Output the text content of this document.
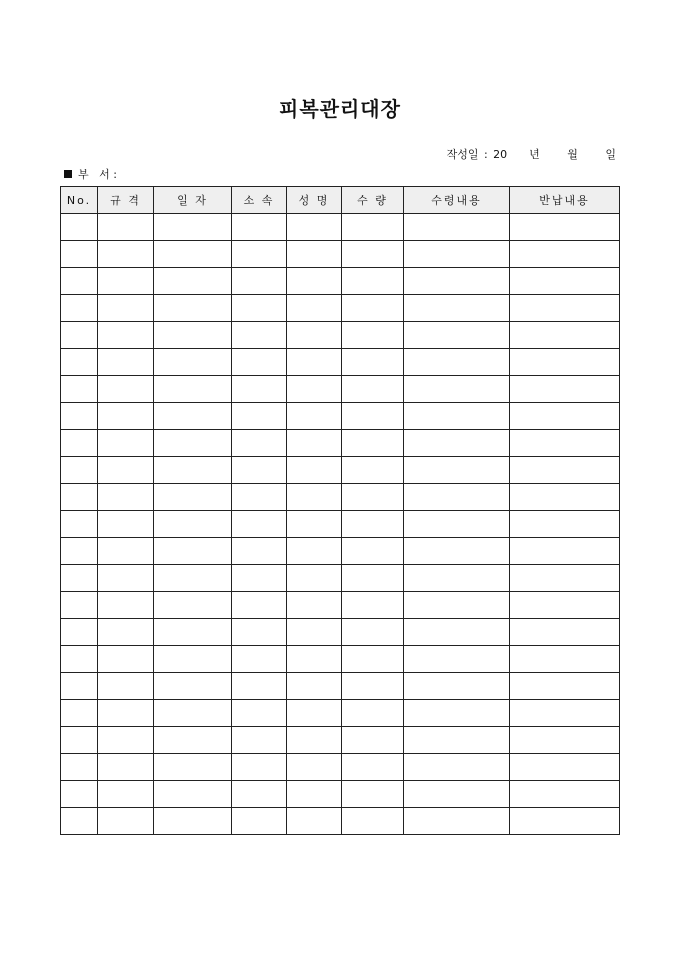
피복관리대장
작성일 : 20    년     월     일
부   서 :
No.	규 격	일 자	소 속	성 명	수 량	수령내용	반납내용
